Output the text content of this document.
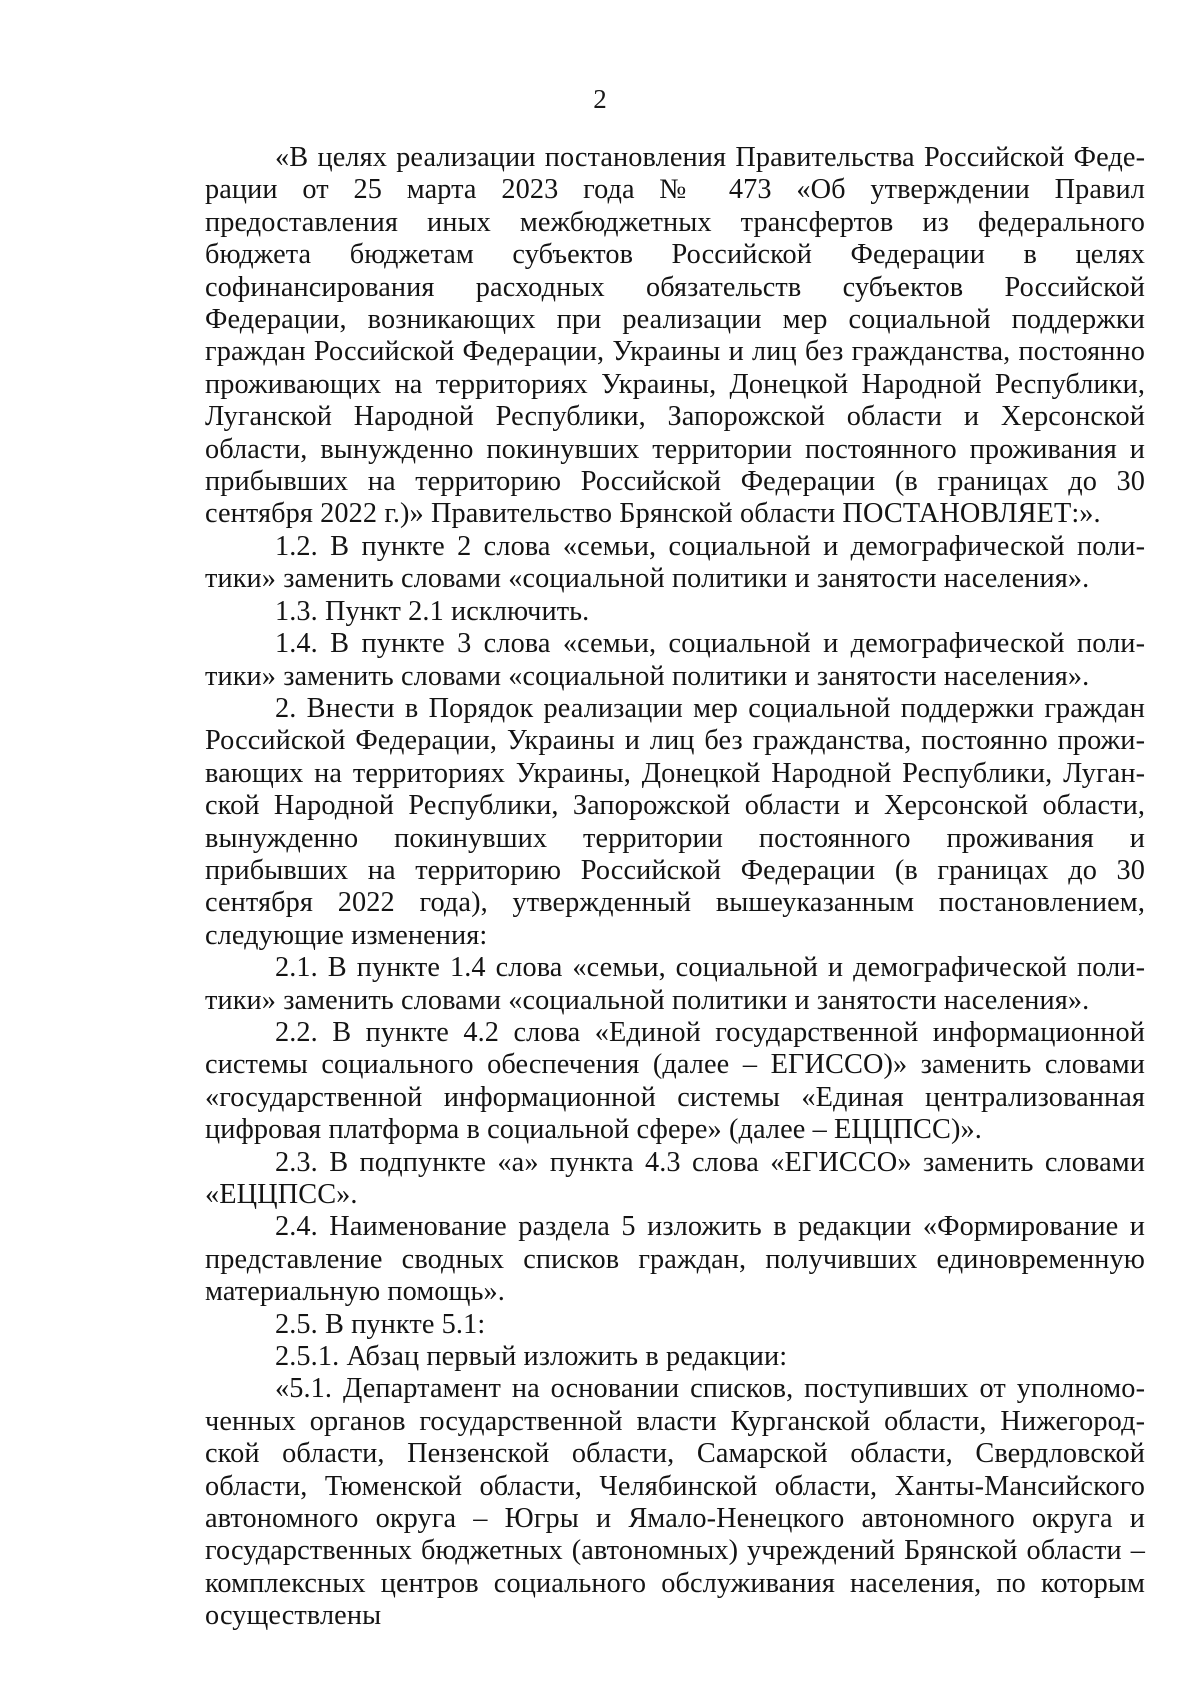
2

«В целях реализации постановления Правительства Российской Федерации от 25 марта 2023 года № 473 «Об утверждении Правил предоставления иных межбюджетных трансфертов из федерального бюджета бюджетам субъектов Российской Федерации в целях софинансирования расходных обязательств субъектов Российской Федерации, возникающих при реализации мер социальной поддержки граждан Российской Федерации, Украины и лиц без гражданства, постоянно проживающих на территориях Украины, Донецкой Народной Республики, Луганской Народной Республики, Запорожской области и Херсонской области, вынужденно покинувших территории постоянного проживания и прибывших на территорию Российской Федерации (в границах до 30 сентября 2022 г.)» Правительство Брянской области ПОСТАНОВЛЯЕТ:».

1.2. В пункте 2 слова «семьи, социальной и демографической политики» заменить словами «социальной политики и занятости населения».

1.3. Пункт 2.1 исключить.

1.4. В пункте 3 слова «семьи, социальной и демографической политики» заменить словами «социальной политики и занятости населения».

2. Внести в Порядок реализации мер социальной поддержки граждан Российской Федерации, Украины и лиц без гражданства, постоянно проживающих на территориях Украины, Донецкой Народной Республики, Луганской Народной Республики, Запорожской области и Херсонской области, вынужденно покинувших территории постоянного проживания и прибывших на территорию Российской Федерации (в границах до 30 сентября 2022 года), утвержденный вышеуказанным постановлением, следующие изменения:

2.1. В пункте 1.4 слова «семьи, социальной и демографической политики» заменить словами «социальной политики и занятости населения».

2.2. В пункте 4.2 слова «Единой государственной информационной системы социального обеспечения (далее – ЕГИССО)» заменить словами «государственной информационной системы «Единая централизованная цифровая платформа в социальной сфере» (далее – ЕЦЦПСС)».

2.3. В подпункте «а» пункта 4.3 слова «ЕГИССО» заменить словами «ЕЦЦПСС».

2.4. Наименование раздела 5 изложить в редакции «Формирование и представление сводных списков граждан, получивших единовременную материальную помощь».

2.5. В пункте 5.1:

2.5.1. Абзац первый изложить в редакции:

«5.1. Департамент на основании списков, поступивших от уполномоченных органов государственной власти Курганской области, Нижегородской области, Пензенской области, Самарской области, Свердловской области, Тюменской области, Челябинской области, Ханты-Мансийского автономного округа – Югры и Ямало-Ненецкого автономного округа и государственных бюджетных (автономных) учреждений Брянской области – комплексных центров социального обслуживания населения, по которым осуществлены
